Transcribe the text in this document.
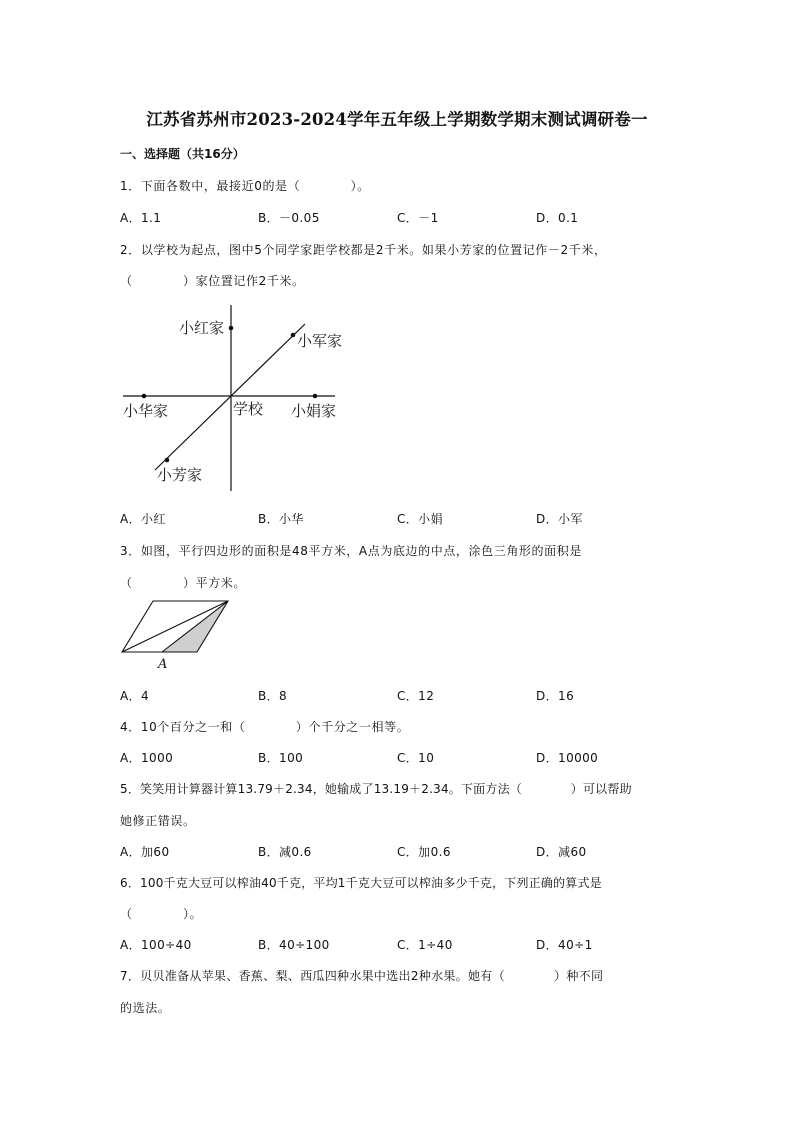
江苏省苏州市2023-2024学年五年级上学期数学期末测试调研卷一
一、选择题（共16分）
1．下面各数中，最接近0的是（　　　　）。
A．1.1	B．－0.05	C．－1	D．0.1
2．以学校为起点，图中5个同学家距学校都是2千米。如果小芳家的位置记作－2千米，
（　　　　）家位置记作2千米。
小红家
小军家
小华家	学校 小娟家
小芳家
A．小红	B．小华	C．小娟	D．小军
3．如图，平行四边形的面积是48平方米，A点为底边的中点，涂色三角形的面积是
（　　　　）平方米。
A
A．4	B．8	C．12	D．16
4．10个百分之一和（　　　　）个千分之一相等。
A．1000	B．100	C．10	D．10000
5．笑笑用计算器计算13.79＋2.34，她输成了13.19＋2.34。下面方法（　　　　）可以帮助
她修正错误。
A．加60	B．减0.6	C．加0.6	D．减60
6．100千克大豆可以榨油40千克，平均1千克大豆可以榨油多少千克，下列正确的算式是
（　　　　）。
A．100÷40	B．40÷100	C．1÷40	D．40÷1
7．贝贝准备从苹果、香蕉、梨、西瓜四种水果中选出2种水果。她有（　　　　）种不同
的选法。
